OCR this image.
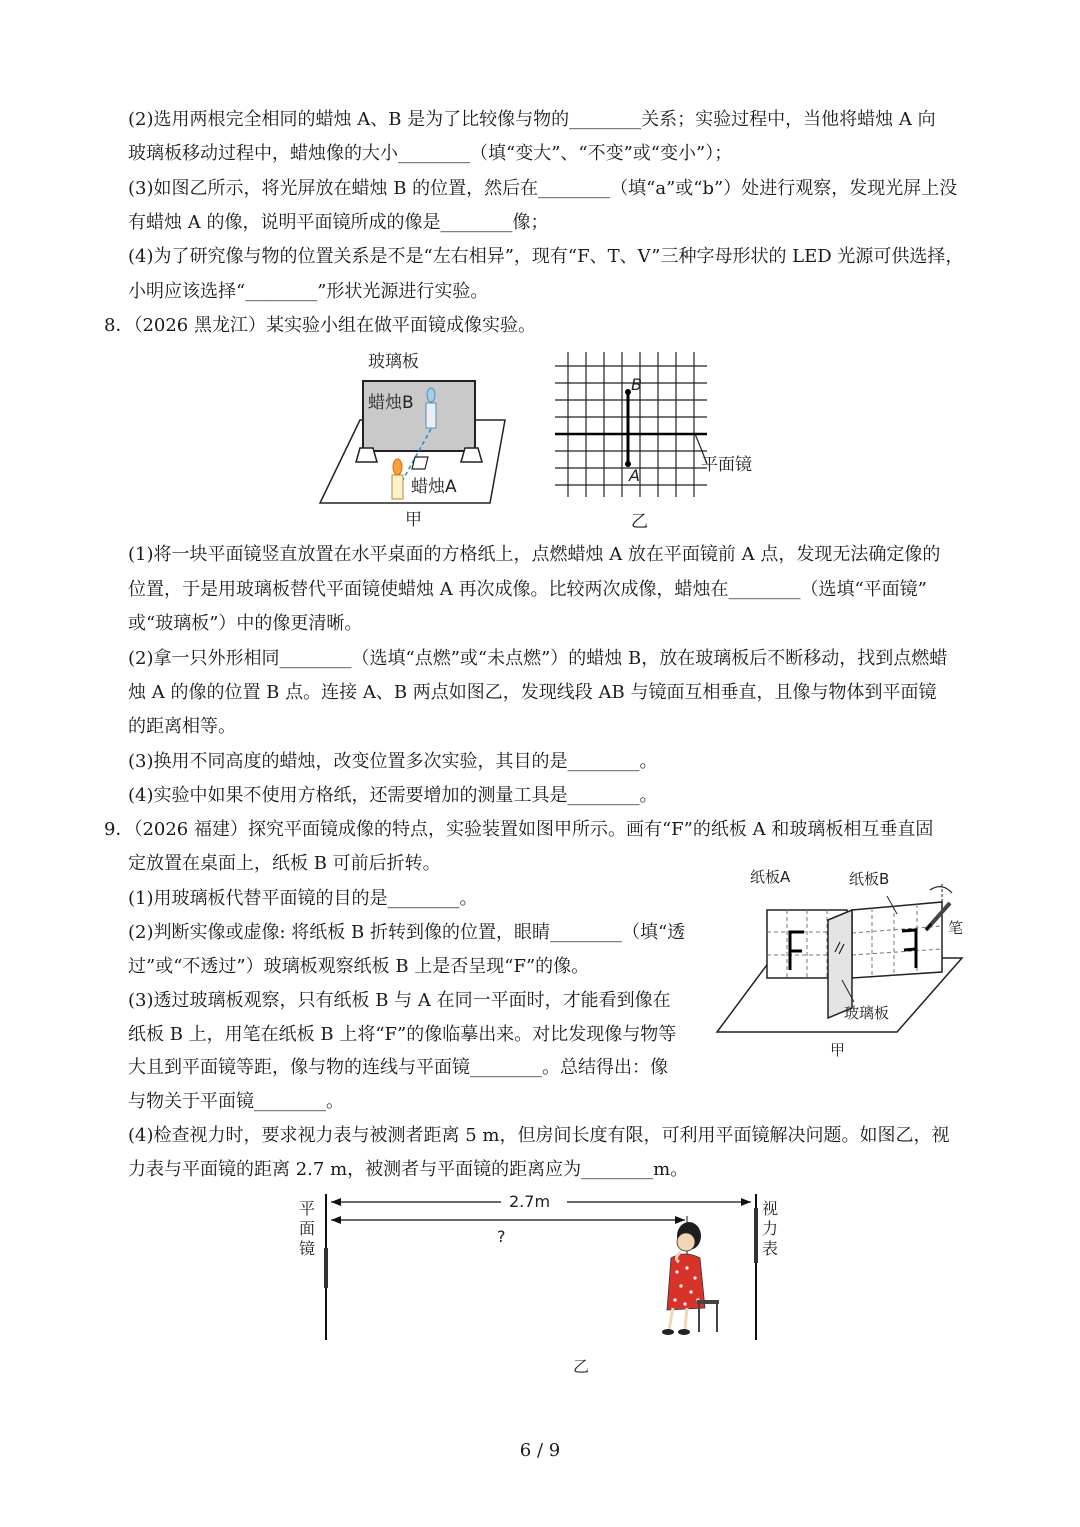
(2)选用两根完全相同的蜡烛 A、B 是为了比较像与物的________关系；实验过程中，当他将蜡烛 A 向
玻璃板移动过程中，蜡烛像的大小________（填“变大”、“不变”或“变小”）；
(3)如图乙所示，将光屏放在蜡烛 B 的位置，然后在________（填“a”或“b”）处进行观察，发现光屏上没
有蜡烛 A 的像，说明平面镜所成的像是________像；
(4)为了研究像与物的位置关系是不是“左右相异”，现有“F、T、V”三种字母形状的 LED 光源可供选择，
小明应该选择“________”形状光源进行实验。
8．（2026 黑龙江）某实验小组在做平面镜成像实验。
玻璃板
蜡烛B
蜡烛A
甲
B
A
平面镜
乙
(1)将一块平面镜竖直放置在水平桌面的方格纸上，点燃蜡烛 A 放在平面镜前 A 点，发现无法确定像的
位置，于是用玻璃板替代平面镜使蜡烛 A 再次成像。比较两次成像，蜡烛在________（选填“平面镜”
或“玻璃板”）中的像更清晰。
(2)拿一只外形相同________（选填“点燃”或“未点燃”）的蜡烛 B，放在玻璃板后不断移动，找到点燃蜡
烛 A 的像的位置 B 点。连接 A、B 两点如图乙，发现线段 AB 与镜面互相垂直，且像与物体到平面镜
的距离相等。
(3)换用不同高度的蜡烛，改变位置多次实验，其目的是________。
(4)实验中如果不使用方格纸，还需要增加的测量工具是________。
9．（2026 福建）探究平面镜成像的特点，实验装置如图甲所示。画有“F”的纸板 A 和玻璃板相互垂直固
定放置在桌面上，纸板 B 可前后折转。
(1)用玻璃板代替平面镜的目的是________。
(2)判断实像或虚像: 将纸板 B 折转到像的位置，眼睛________（填“透
过”或“不透过”）玻璃板观察纸板 B 上是否呈现“F”的像。
(3)透过玻璃板观察，只有纸板 B 与 A 在同一平面时，才能看到像在
纸板 B 上，用笔在纸板 B 上将“F”的像临摹出来。对比发现像与物等
大且到平面镜等距，像与物的连线与平面镜________。总结得出：像
与物关于平面镜________。
(4)检查视力时，要求视力表与被测者距离 5 m，但房间长度有限，可利用平面镜解决问题。如图乙，视
力表与平面镜的距离 2.7 m，被测者与平面镜的距离应为________m。
纸板A	纸板B
笔
玻璃板
甲
平
面
镜
视
力
表
2.7m
?
乙
6 / 9
